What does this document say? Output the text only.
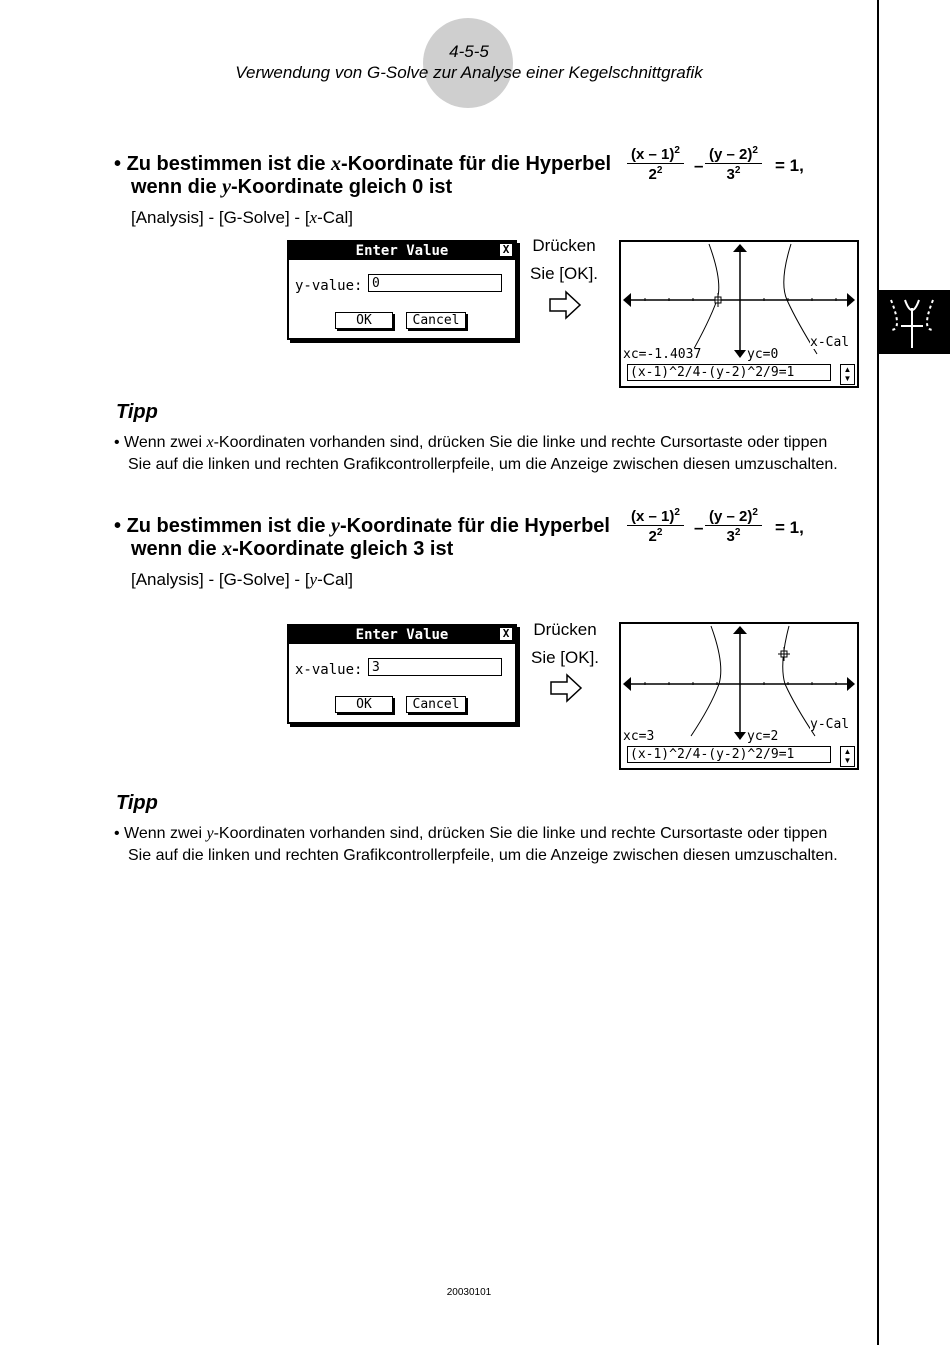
4-5-5
Verwendung von G-Solve zur Analyse einer Kegelschnittgrafik
• Zu bestimmen ist die x-Koordinate für die Hyperbel
wenn die y-Koordinate gleich 0 ist
$\frac{(x - 1)^2}{2^2} - \frac{(y - 2)^2}{3^2} = 1$,
[Analysis] - [G-Solve] - [x-Cal]
Enter Value	X
y-value: 0
OK	Cancel
Drücken
Sie [OK].
xc=-1.4037	yc=0
x-Cal
(x-1)^2/4-(y-2)^2/9=1	▲
▼
Tipp
• Wenn zwei x-Koordinaten vorhanden sind, drücken Sie die linke und rechte Cursortaste oder tippen
Sie auf die linken und rechten Grafikcontrollerpfeile, um die Anzeige zwischen diesen umzuschalten.
• Zu bestimmen ist die y-Koordinate für die Hyperbel
wenn die x-Koordinate gleich 3 ist
$\frac{(x - 1)^2}{2^2} - \frac{(y - 2)^2}{3^2} = 1$,
[Analysis] - [G-Solve] - [y-Cal]
Enter Value	X
x-value: 3
OK	Cancel
Drücken
Sie [OK].
xc=3	yc=2
y-Cal
(x-1)^2/4-(y-2)^2/9=1	▲
▼
Tipp
• Wenn zwei y-Koordinaten vorhanden sind, drücken Sie die linke und rechte Cursortaste oder tippen
Sie auf die linken und rechten Grafikcontrollerpfeile, um die Anzeige zwischen diesen umzuschalten.
20030101
